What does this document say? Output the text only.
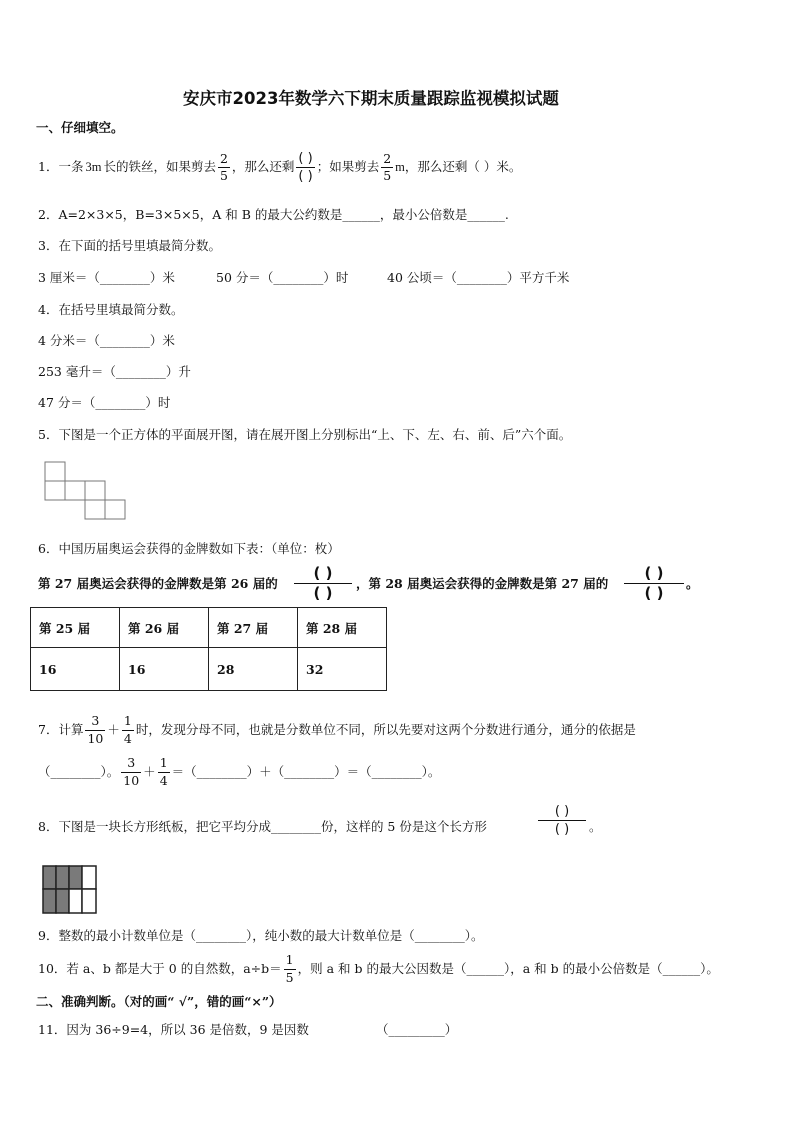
安庆市2023年数学六下期末质量跟踪监视模拟试题
一、仔细填空。
1．一条 3m 长的铁丝，如果剪去 $\frac{2}{5}$ ，那么还剩 $\frac{( )}{( )}$ ；如果剪去 $\frac{2}{5}$ m ，那么还剩（ ）米。
2．A=2×3×5，B=3×5×5，A 和 B 的最大公约数是______，最小公倍数是______.
3．在下面的括号里填最简分数。
3 厘米＝（________）米	50 分＝（________）时	40 公顷＝（________）平方千米
4．在括号里填最简分数。
4 分米＝（________）米
253 毫升＝（________）升
47 分＝（________）时
5．下图是一个正方体的平面展开图，请在展开图上分别标出“上、下、左、右、前、后”六个面。
6．中国历届奥运会获得的金牌数如下表：（单位：枚）
第 27 届奥运会获得的金牌数是第 26 届的
( )
( )
，第 28 届奥运会获得的金牌数是第 27 届的
( )
( )
。
第 25 届	第 26 届	第 27 届	第 28 届
16	16	28	32
7．计算 $\frac{3}{10} + \frac{1}{4}$ 时，发现分母不同，也就是分数单位不同，所以先要对这两个分数进行通分，通分的依据是
（________）。 $\frac{3}{10} + \frac{1}{4}$ ＝（________）＋（________）＝（________）。
8．下图是一块长方形纸板，把它平均分成________份，这样的 5 份是这个长方形
( )
( ) 。
9．整数的最小计数单位是（________），纯小数的最大计数单位是（________）。
10．若 a、b 都是大于 0 的自然数，$a\div b= \frac{1}{5}$ ，则 a 和 b 的最大公因数是（______），a 和 b 的最小公倍数是（______）。
二、准确判断。（对的画“ √”，错的画“×”）
11．因为 36÷9=4，所以 36 是倍数，9 是因数	（_________）
